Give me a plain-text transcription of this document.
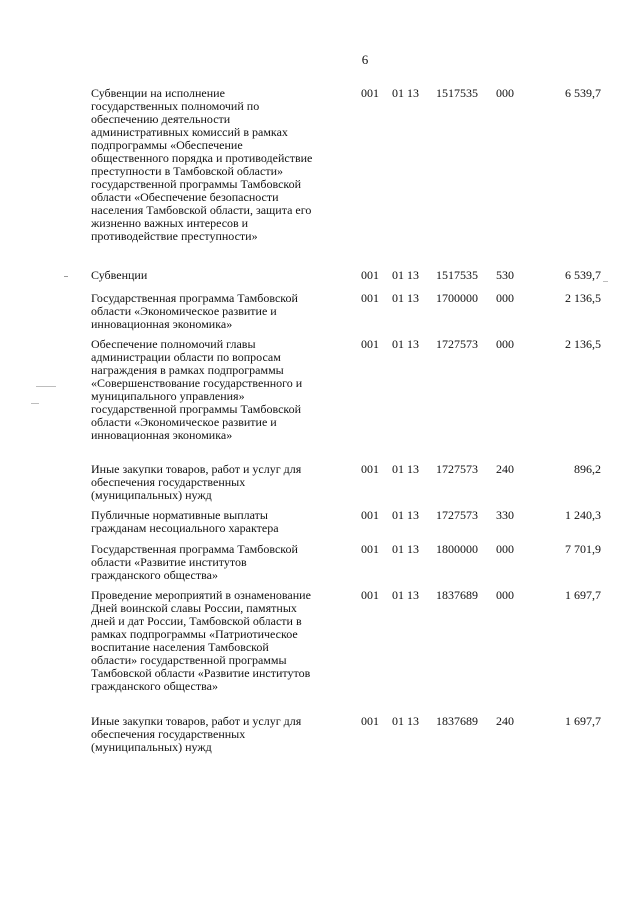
6
Субвенции на исполнение
государственных полномочий по
обеспечению деятельности
административных комиссий в рамках
подпрограммы «Обеспечение
общественного порядка и противодействие
преступности в Тамбовской области»
государственной программы Тамбовской
области «Обеспечение безопасности
населения Тамбовской области, защита его
жизненно важных интересов и
противодействие преступности»
001 01 13 1517535 000	6 539,7
Субвенции	001 01 13 1517535 530	6 539,7
Государственная программа Тамбовской
области «Экономическое развитие и
инновационная экономика»
001 01 13 1700000 000	2 136,5
Обеспечение полномочий главы
администрации области по вопросам
награждения в рамках подпрограммы
«Совершенствование государственного и
муниципального управления»
государственной программы Тамбовской
области «Экономическое развитие и
инновационная экономика»
001 01 13 1727573 000	2 136,5
Иные закупки товаров, работ и услуг для
обеспечения государственных
(муниципальных) нужд
001 01 13 1727573 240	896,2
Публичные нормативные выплаты
гражданам несоциального характера
001 01 13 1727573 330	1 240,3
Государственная программа Тамбовской
области «Развитие институтов
гражданского общества»
001 01 13 1800000 000	7 701,9
Проведение мероприятий в ознаменование
Дней воинской славы России, памятных
дней и дат России, Тамбовской области в
рамках подпрограммы «Патриотическое
воспитание населения Тамбовской
области» государственной программы
Тамбовской области «Развитие институтов
гражданского общества»
001 01 13 1837689 000	1 697,7
Иные закупки товаров, работ и услуг для
обеспечения государственных
(муниципальных) нужд
001 01 13 1837689 240	1 697,7
